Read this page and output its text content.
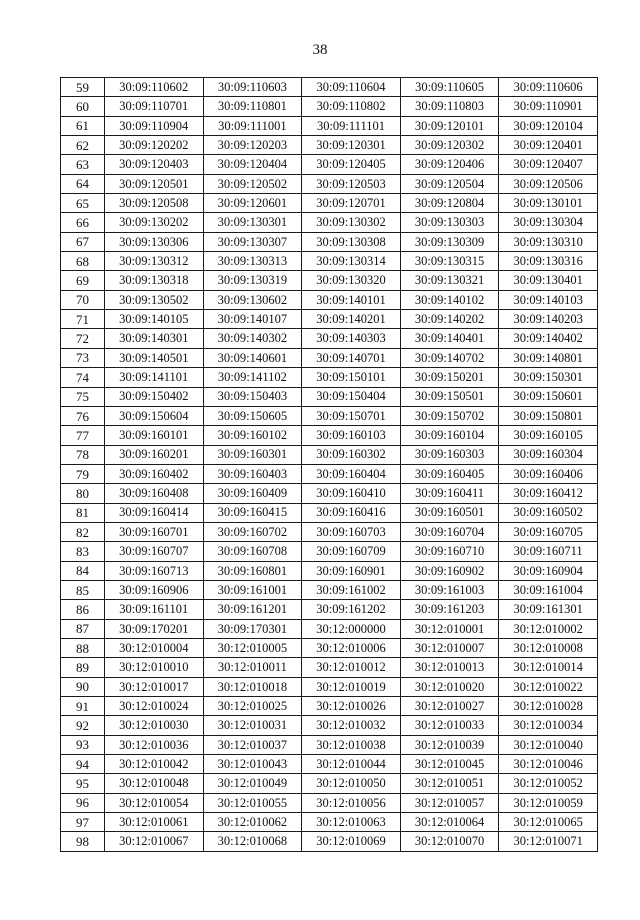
38
59	30:09:110602	30:09:110603	30:09:110604	30:09:110605	30:09:110606
60	30:09:110701	30:09:110801	30:09:110802	30:09:110803	30:09:110901
61	30:09:110904	30:09:111001	30:09:111101	30:09:120101	30:09:120104
62	30:09:120202	30:09:120203	30:09:120301	30:09:120302	30:09:120401
63	30:09:120403	30:09:120404	30:09:120405	30:09:120406	30:09:120407
64	30:09:120501	30:09:120502	30:09:120503	30:09:120504	30:09:120506
65	30:09:120508	30:09:120601	30:09:120701	30:09:120804	30:09:130101
66	30:09:130202	30:09:130301	30:09:130302	30:09:130303	30:09:130304
67	30:09:130306	30:09:130307	30:09:130308	30:09:130309	30:09:130310
68	30:09:130312	30:09:130313	30:09:130314	30:09:130315	30:09:130316
69	30:09:130318	30:09:130319	30:09:130320	30:09:130321	30:09:130401
70	30:09:130502	30:09:130602	30:09:140101	30:09:140102	30:09:140103
71	30:09:140105	30:09:140107	30:09:140201	30:09:140202	30:09:140203
72	30:09:140301	30:09:140302	30:09:140303	30:09:140401	30:09:140402
73	30:09:140501	30:09:140601	30:09:140701	30:09:140702	30:09:140801
74	30:09:141101	30:09:141102	30:09:150101	30:09:150201	30:09:150301
75	30:09:150402	30:09:150403	30:09:150404	30:09:150501	30:09:150601
76	30:09:150604	30:09:150605	30:09:150701	30:09:150702	30:09:150801
77	30:09:160101	30:09:160102	30:09:160103	30:09:160104	30:09:160105
78	30:09:160201	30:09:160301	30:09:160302	30:09:160303	30:09:160304
79	30:09:160402	30:09:160403	30:09:160404	30:09:160405	30:09:160406
80	30:09:160408	30:09:160409	30:09:160410	30:09:160411	30:09:160412
81	30:09:160414	30:09:160415	30:09:160416	30:09:160501	30:09:160502
82	30:09:160701	30:09:160702	30:09:160703	30:09:160704	30:09:160705
83	30:09:160707	30:09:160708	30:09:160709	30:09:160710	30:09:160711
84	30:09:160713	30:09:160801	30:09:160901	30:09:160902	30:09:160904
85	30:09:160906	30:09:161001	30:09:161002	30:09:161003	30:09:161004
86	30:09:161101	30:09:161201	30:09:161202	30:09:161203	30:09:161301
87	30:09:170201	30:09:170301	30:12:000000	30:12:010001	30:12:010002
88	30:12:010004	30:12:010005	30:12:010006	30:12:010007	30:12:010008
89	30:12:010010	30:12:010011	30:12:010012	30:12:010013	30:12:010014
90	30:12:010017	30:12:010018	30:12:010019	30:12:010020	30:12:010022
91	30:12:010024	30:12:010025	30:12:010026	30:12:010027	30:12:010028
92	30:12:010030	30:12:010031	30:12:010032	30:12:010033	30:12:010034
93	30:12:010036	30:12:010037	30:12:010038	30:12:010039	30:12:010040
94	30:12:010042	30:12:010043	30:12:010044	30:12:010045	30:12:010046
95	30:12:010048	30:12:010049	30:12:010050	30:12:010051	30:12:010052
96	30:12:010054	30:12:010055	30:12:010056	30:12:010057	30:12:010059
97	30:12:010061	30:12:010062	30:12:010063	30:12:010064	30:12:010065
98	30:12:010067	30:12:010068	30:12:010069	30:12:010070	30:12:010071
